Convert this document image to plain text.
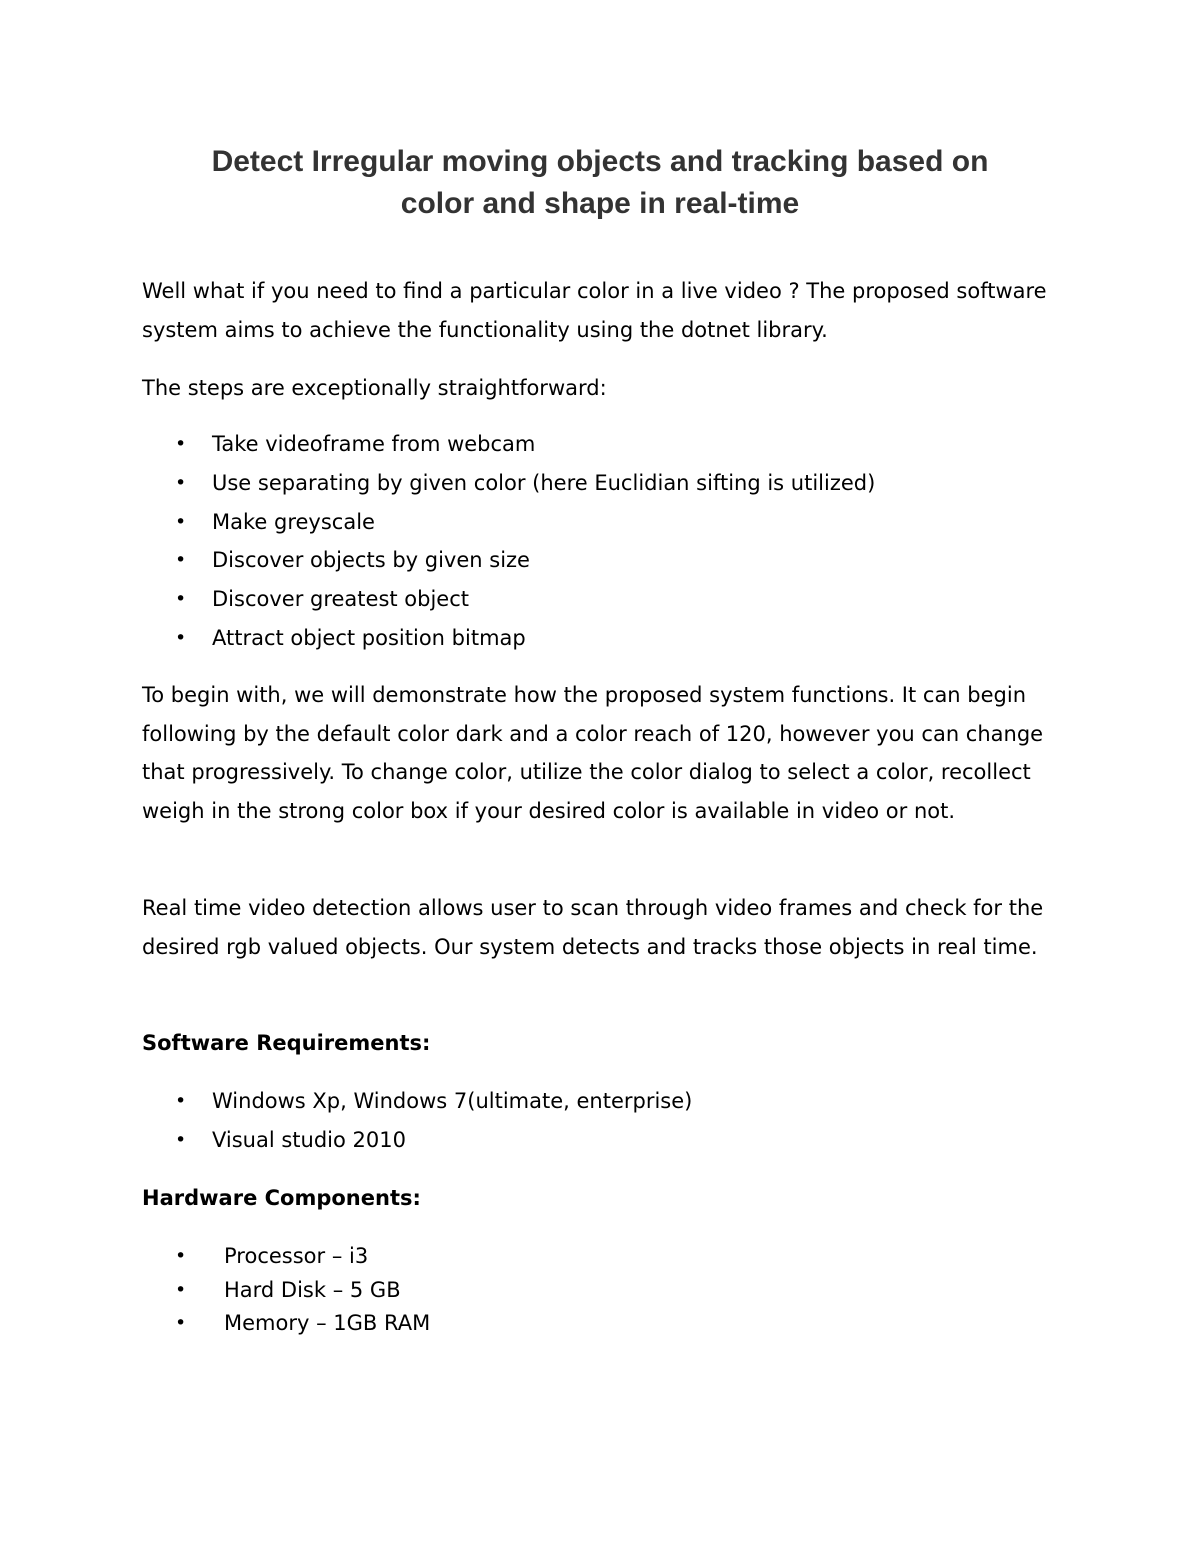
Detect Irregular moving objects and tracking based on
color and shape in real-time

Well what if you need to find a particular color in a live video ? The proposed software system aims to achieve the functionality using the dotnet library.

The steps are exceptionally straightforward:

• Take videoframe from webcam
• Use separating by given color (here Euclidian sifting is utilized)
• Make greyscale
• Discover objects by given size
• Discover greatest object
• Attract object position bitmap

To begin with, we will demonstrate how the proposed system functions. It can begin following by the default color dark and a color reach of 120, however you can change that progressively. To change color, utilize the color dialog to select a color, recollect weigh in the strong color box if your desired color is available in video or not.

Real time video detection allows user to scan through video frames and check for the desired rgb valued objects. Our system detects and tracks those objects in real time.

Software Requirements:
• Windows Xp, Windows 7(ultimate, enterprise)
• Visual studio 2010
Hardware Components:
• Processor – i3
• Hard Disk – 5 GB
• Memory – 1GB RAM
